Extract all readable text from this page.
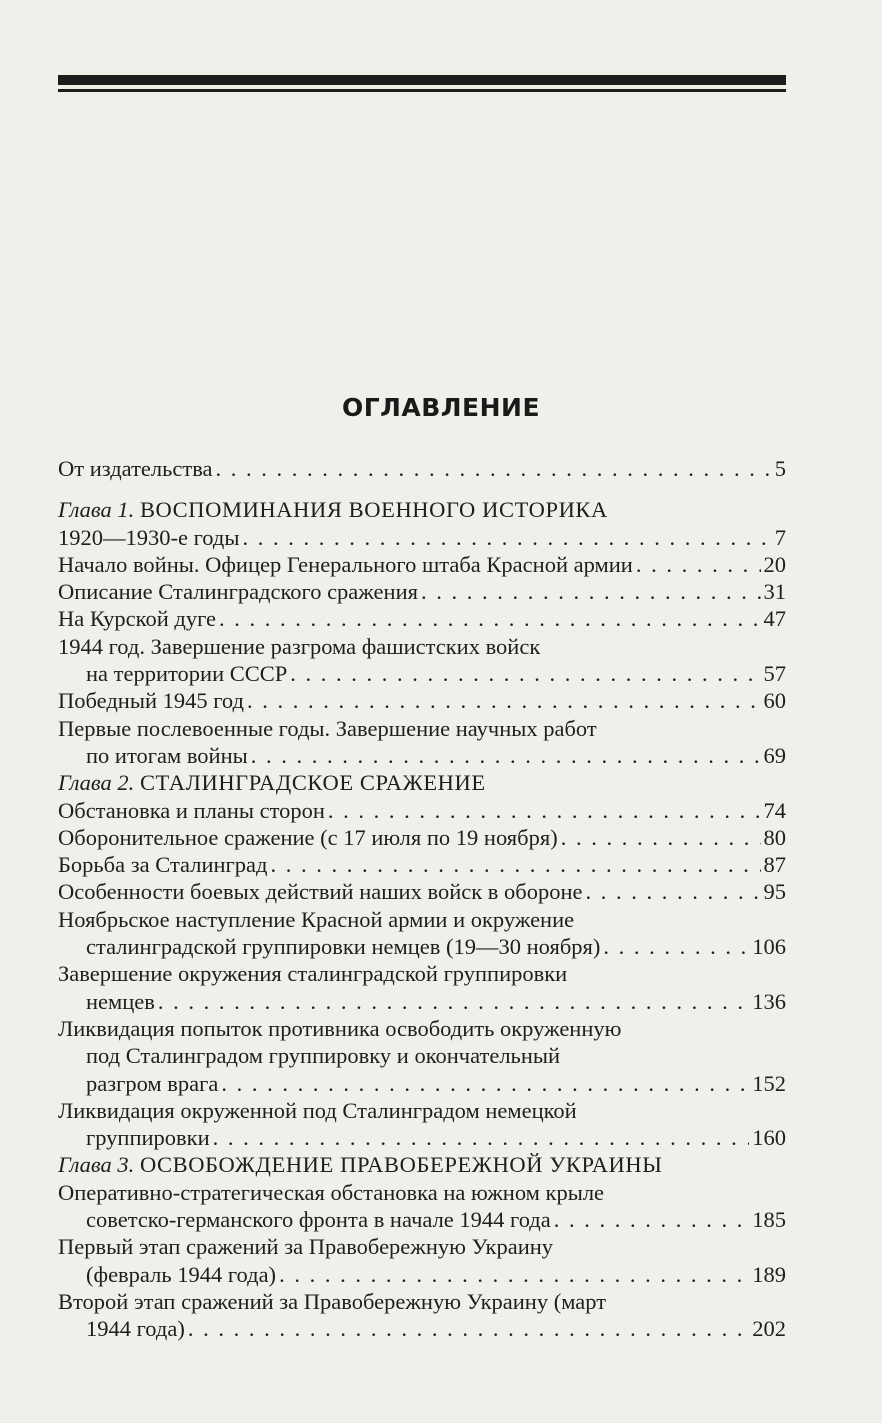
ОГЛАВЛЕНИЕ
От издательства . . .	5
Глава 1. ВОСПОМИНАНИЯ ВОЕННОГО ИСТОРИКА
1920—1930-е годы . . .	7
Начало войны. Офицер Генерального штаба Красной армии . . .	20
Описание Сталинградского сражения . . .	31
На Курской дуге . . .	47
1944 год. Завершение разгрома фашистских войск
на территории СССР . . .	57
Победный 1945 год . . .	60
Первые послевоенные годы. Завершение научных работ
по итогам войны . . .	69
Глава 2. СТАЛИНГРАДСКОЕ СРАЖЕНИЕ
Обстановка и планы сторон . . .	74
Оборонительное сражение (с 17 июля по 19 ноября) . . .	80
Борьба за Сталинград . . .	87
Особенности боевых действий наших войск в обороне . . .	95
Ноябрьское наступление Красной армии и окружение
сталинградской группировки немцев (19—30 ноября) . . .	106
Завершение окружения сталинградской группировки
немцев . . .	136
Ликвидация попыток противника освободить окруженную
под Сталинградом группировку и окончательный
разгром врага . . .	152
Ликвидация окруженной под Сталинградом немецкой
группировки . . .	160
Глава 3. ОСВОБОЖДЕНИЕ ПРАВОБЕРЕЖНОЙ УКРАИНЫ
Оперативно-стратегическая обстановка на южном крыле
советско-германского фронта в начале 1944 года . . .	185
Первый этап сражений за Правобережную Украину
(февраль 1944 года) . . .	189
Второй этап сражений за Правобережную Украину (март
1944 года) . . .	202
